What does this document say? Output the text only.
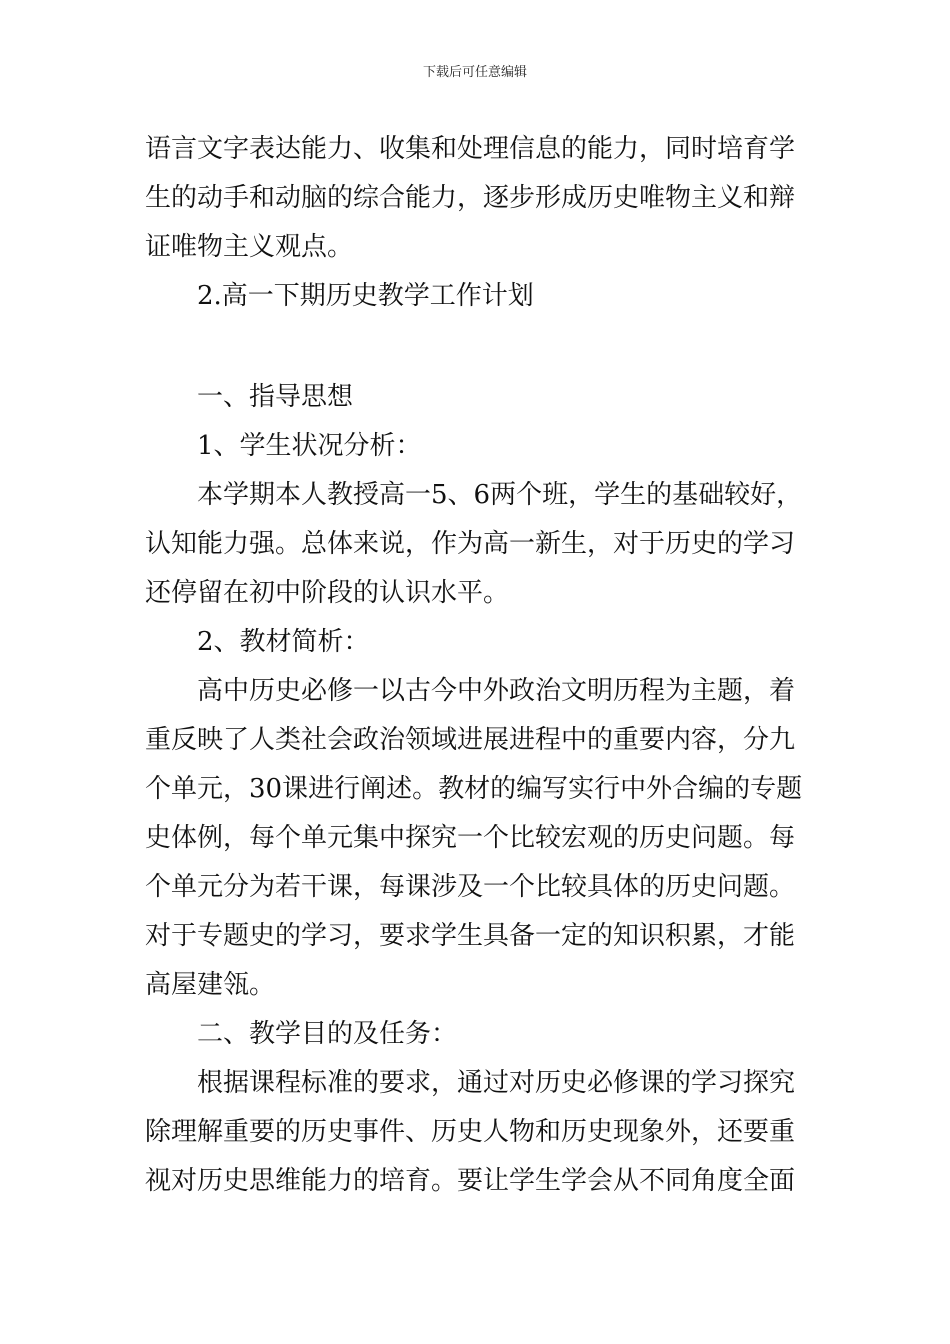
下载后可任意编辑
语言文字表达能力、收集和处理信息的能力，同时培育学
生的动手和动脑的综合能力，逐步形成历史唯物主义和辩
证唯物主义观点。
2.高一下期历史教学工作计划
一、指导思想
1、学生状况分析：
本学期本人教授高一5、6两个班，学生的基础较好，
认知能力强。总体来说，作为高一新生，对于历史的学习
还停留在初中阶段的认识水平。
2、教材简析：
高中历史必修一以古今中外政治文明历程为主题，着
重反映了人类社会政治领域进展进程中的重要内容，分九
个单元，30课进行阐述。教材的编写实行中外合编的专题
史体例，每个单元集中探究一个比较宏观的历史问题。每
个单元分为若干课，每课涉及一个比较具体的历史问题。
对于专题史的学习，要求学生具备一定的知识积累，才能
高屋建瓴。
二、教学目的及任务：
根据课程标准的要求，通过对历史必修课的学习探究
除理解重要的历史事件、历史人物和历史现象外，还要重
视对历史思维能力的培育。要让学生学会从不同角度全面
